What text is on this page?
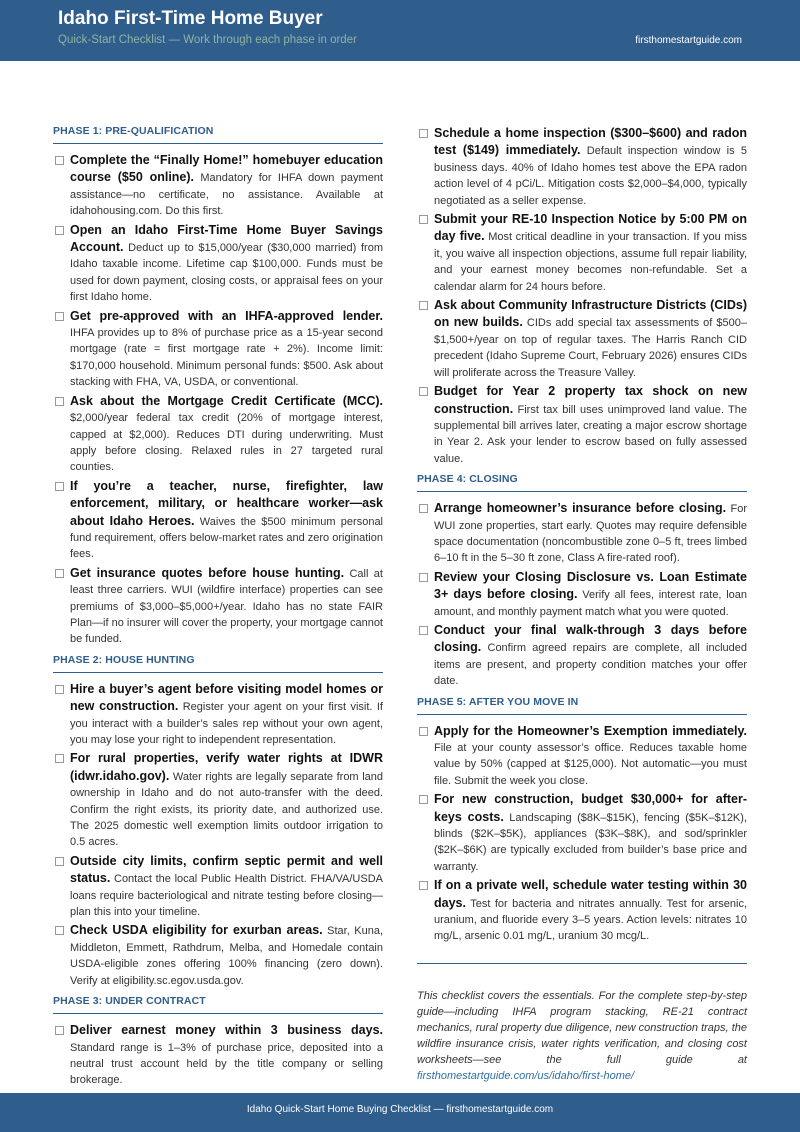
Idaho First-Time Home Buyer
Quick-Start Checklist — Work through each phase in order	firsthomestartguide.com
PHASE 1: PRE-QUALIFICATION
Complete the “Finally Home!” homebuyer education course ($50 online). Mandatory for IHFA down payment assistance—no certificate, no assistance. Available at idahohousing.com. Do this first.
Open an Idaho First-Time Home Buyer Savings Account. Deduct up to $15,000/year ($30,000 married) from Idaho taxable income. Lifetime cap $100,000. Funds must be used for down payment, closing costs, or appraisal fees on your first Idaho home.
Get pre-approved with an IHFA-approved lender. IHFA provides up to 8% of purchase price as a 15-year second mortgage (rate = first mortgage rate + 2%). Income limit: $170,000 household. Minimum personal funds: $500. Ask about stacking with FHA, VA, USDA, or conventional.
Ask about the Mortgage Credit Certificate (MCC). $2,000/year federal tax credit (20% of mortgage interest, capped at $2,000). Reduces DTI during underwriting. Must apply before closing. Relaxed rules in 27 targeted rural counties.
If you’re a teacher, nurse, firefighter, law enforcement, military, or healthcare worker—ask about Idaho Heroes. Waives the $500 minimum personal fund requirement, offers below-market rates and zero origination fees.
Get insurance quotes before house hunting. Call at least three carriers. WUI (wildfire interface) properties can see premiums of $3,000–$5,000+/year. Idaho has no state FAIR Plan—if no insurer will cover the property, your mortgage cannot be funded.
PHASE 2: HOUSE HUNTING
Hire a buyer’s agent before visiting model homes or new construction. Register your agent on your first visit. If you interact with a builder’s sales rep without your own agent, you may lose your right to independent representation.
For rural properties, verify water rights at IDWR (idwr.idaho.gov). Water rights are legally separate from land ownership in Idaho and do not auto-transfer with the deed. Confirm the right exists, its priority date, and authorized use. The 2025 domestic well exemption limits outdoor irrigation to 0.5 acres.
Outside city limits, confirm septic permit and well status. Contact the local Public Health District. FHA/VA/USDA loans require bacteriological and nitrate testing before closing—plan this into your timeline.
Check USDA eligibility for exurban areas. Star, Kuna, Middleton, Emmett, Rathdrum, Melba, and Homedale contain USDA-eligible zones offering 100% financing (zero down). Verify at eligibility.sc.egov.usda.gov.
PHASE 3: UNDER CONTRACT
Deliver earnest money within 3 business days. Standard range is 1–3% of purchase price, deposited into a neutral trust account held by the title company or selling brokerage.
Schedule a home inspection ($300–$600) and radon test ($149) immediately. Default inspection window is 5 business days. 40% of Idaho homes test above the EPA radon action level of 4 pCi/L. Mitigation costs $2,000–$4,000, typically negotiated as a seller expense.
Submit your RE-10 Inspection Notice by 5:00 PM on day five. Most critical deadline in your transaction. If you miss it, you waive all inspection objections, assume full repair liability, and your earnest money becomes non-refundable. Set a calendar alarm for 24 hours before.
Ask about Community Infrastructure Districts (CIDs) on new builds. CIDs add special tax assessments of $500–$1,500+/year on top of regular taxes. The Harris Ranch CID precedent (Idaho Supreme Court, February 2026) ensures CIDs will proliferate across the Treasure Valley.
Budget for Year 2 property tax shock on new construction. First tax bill uses unimproved land value. The supplemental bill arrives later, creating a major escrow shortage in Year 2. Ask your lender to escrow based on fully assessed value.
PHASE 4: CLOSING
Arrange homeowner’s insurance before closing. For WUI zone properties, start early. Quotes may require defensible space documentation (noncombustible zone 0–5 ft, trees limbed 6–10 ft in the 5–30 ft zone, Class A fire-rated roof).
Review your Closing Disclosure vs. Loan Estimate 3+ days before closing. Verify all fees, interest rate, loan amount, and monthly payment match what you were quoted.
Conduct your final walk-through 3 days before closing. Confirm agreed repairs are complete, all included items are present, and property condition matches your offer date.
PHASE 5: AFTER YOU MOVE IN
Apply for the Homeowner’s Exemption immediately. File at your county assessor’s office. Reduces taxable home value by 50% (capped at $125,000). Not automatic—you must file. Submit the week you close.
For new construction, budget $30,000+ for after-keys costs. Landscaping ($8K–$15K), fencing ($5K–$12K), blinds ($2K–$5K), appliances ($3K–$8K), and sod/sprinkler ($2K–$6K) are typically excluded from builder’s base price and warranty.
If on a private well, schedule water testing within 30 days. Test for bacteria and nitrates annually. Test for arsenic, uranium, and fluoride every 3–5 years. Action levels: nitrates 10 mg/L, arsenic 0.01 mg/L, uranium 30 mcg/L.
This checklist covers the essentials. For the complete step-by-step guide—including IHFA program stacking, RE-21 contract mechanics, rural property due diligence, new construction traps, the wildfire insurance crisis, water rights verification, and closing cost worksheets—see the full guide at firsthomestartguide.com/us/idaho/first-home/
Idaho Quick-Start Home Buying Checklist — firsthomestartguide.com
